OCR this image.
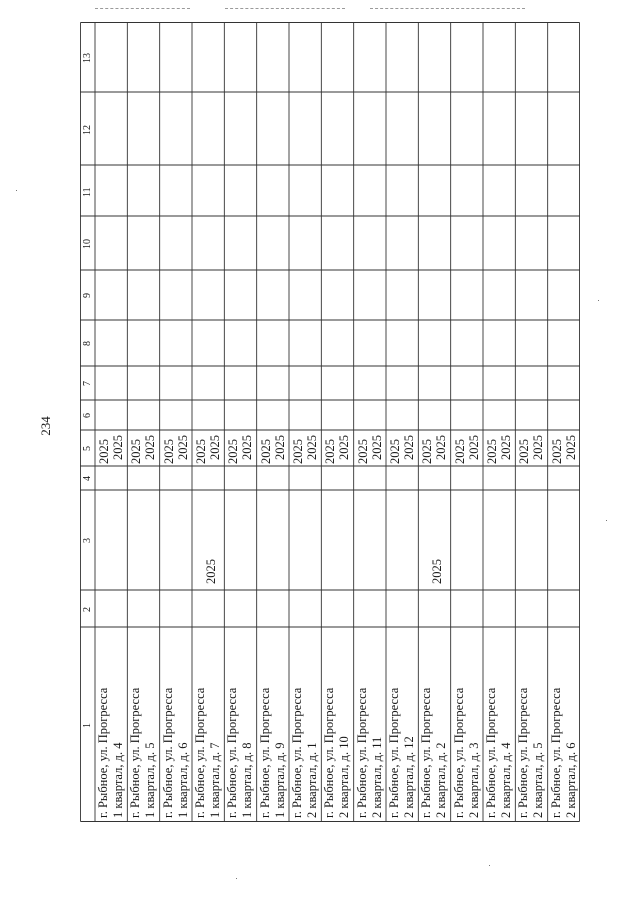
234
1
2
3
4
5
6
7
8
9
10
11
12
13
г. Рыбное, ул. Прогресса 1 квартал, д. 4
2025
2025
г. Рыбное, ул. Прогресса 1 квартал, д. 5
2025
2025
г. Рыбное, ул. Прогресса 1 квартал, д. 6
2025
2025
г. Рыбное, ул. Прогресса 1 квартал, д. 7
2025
2025
2025
г. Рыбное, ул. Прогресса 1 квартал, д. 8
2025
2025
г. Рыбное, ул. Прогресса 1 квартал, д. 9
2025
2025
г. Рыбное, ул. Прогресса 2 квартал, д. 1
2025
2025
г. Рыбное, ул. Прогресса 2 квартал, д. 10
2025
2025
г. Рыбное, ул. Прогресса 2 квартал, д. 11
2025
2025
г. Рыбное, ул. Прогресса 2 квартал, д. 12
2025
2025
г. Рыбное, ул. Прогресса 2 квартал, д. 2
2025
2025
2025
г. Рыбное, ул. Прогресса 2 квартал, д. 3
2025
2025
г. Рыбное, ул. Прогресса 2 квартал, д. 4
2025
2025
г. Рыбное, ул. Прогресса 2 квартал, д. 5
2025
2025
г. Рыбное, ул. Прогресса 2 квартал, д. 6
2025
2025
